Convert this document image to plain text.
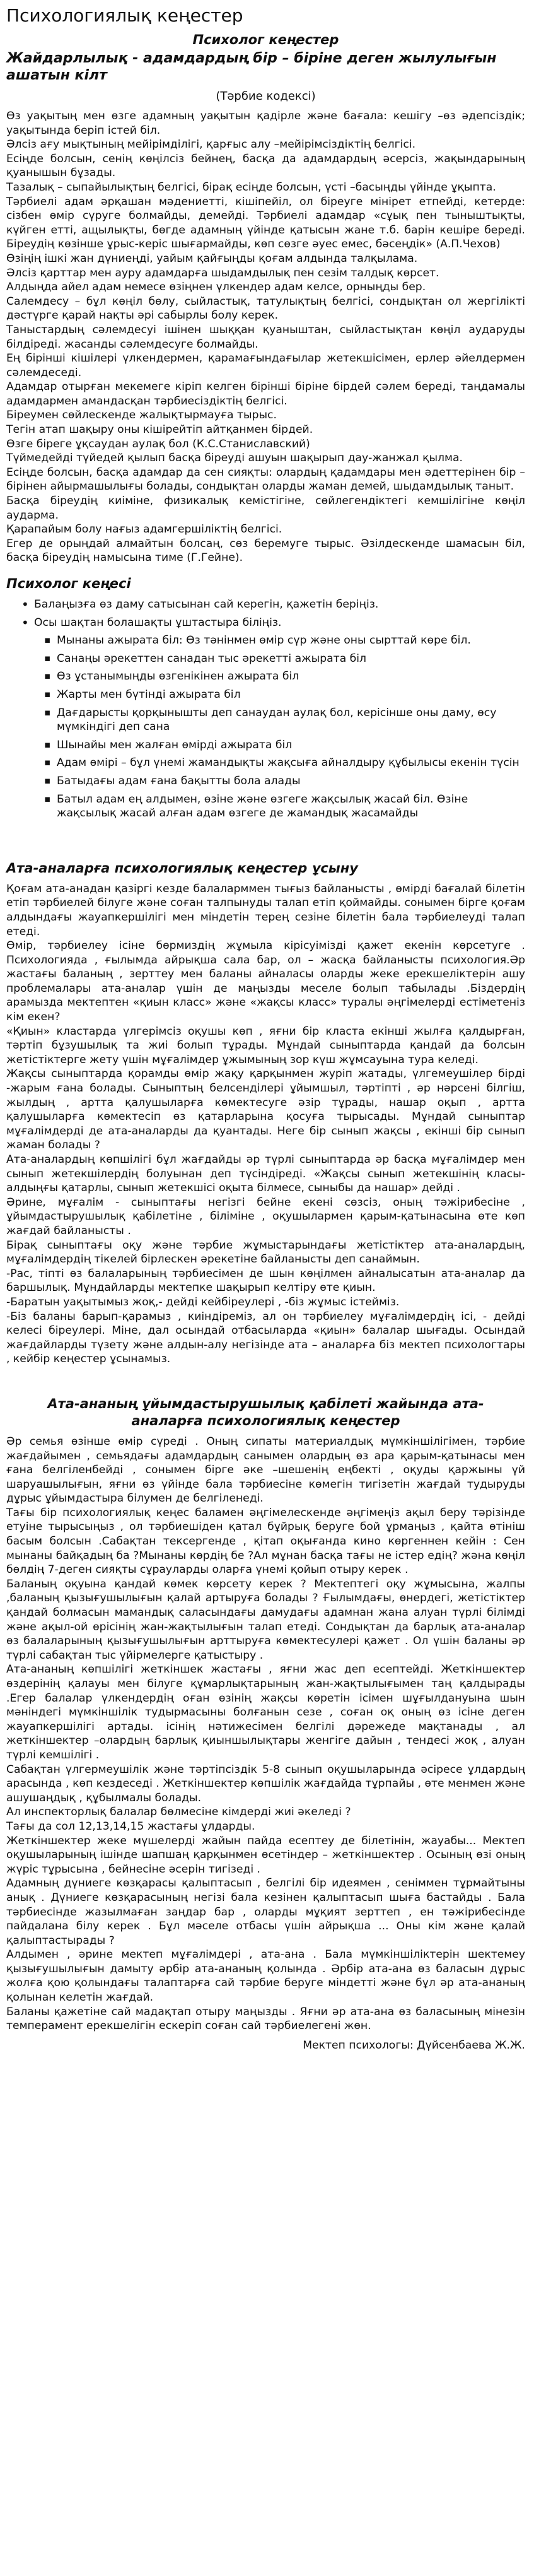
Психологиялық кеңестер
Психолог кеңестер
Жайдарлылық - адамдардың бір – біріне деген жылулығын ашатын кілт
(Тәрбие кодексі)

Өз уақытың мен өзге адамның уақытын қадірле және бағала: кешігу –өз әдепсіздік; уақытында беріп істей біл.

Әлсіз ағу мықтының мейірімділігі, қарғыс алу –мейірімсіздіктің белгісі.

Есіңде болсын, сенің көңілсіз бейнең, басқа да адамдардың әсерсіз, жақындарының қуанышын бұзады.

Тазалық – сыпайылықтың белгісі, бірақ есіңде болсын, үсті –басыңды үйінде ұқыпта.

Тәрбиелі адам әрқашан мәдениетті, кішіпейіл, ол біреуге мінірет етпейді, кетерде: сізбен өмір сүруге болмайды, демейді. Тәрбиелі адамдар «сұық пен тыныштықты, күйген етті, ащылықты, бөгде адамның үйінде қатысын жане т.б. барін кешіре береді. Біреудің көзінше ұрыс-керіс шығармайды, көп сөзге әуес емес, бәсеңдік» (А.П.Чехов)

Өзіңің ішкі жан дүниеңді, уайым қайғыңды қоғам алдында талқылама.

Әлсіз қарттар мен ауру адамдарға шыдамдылық пен сезім талдық көрсет.

Алдыңда айел адам немесе өзіңнен үлкендер адам келсе, орныңды бер.

Салемдесу – бұл көңіл бөлу, сыйластық, татулықтың белгісі, сондықтан ол жергілікті дәстүрге қарай нақты әрі сабырлы болу керек.

Таныстардың сәлемдесуі ішінен шыққан қуаныштан, сыйластықтан көңіл аударуды білдіреді. жасанды сәлемдесуге болмайды.

Ең бірінші кішілері үлкендермен, қарамағындағылар жетекшісімен, ерлер әйелдермен сәлемдеседі.

Адамдар отырған мекемеге кіріп келген бірінші біріне бірдей сәлем береді, таңдамалы адамдармен амандасқан тәрбиесіздіктің белгісі.

Біреумен сөйлескенде жалықтырмауға тырыс.

Тегін атап шақыру оны кішірейтіп айтқанмен бірдей.

Өзге біреге ұқсаудан аулақ бол (К.С.Станиславский)

Түймедейді түйедей қылып басқа біреуді ашуын шақырып дау-жанжал қылма.

Есіңде болсын, басқа адамдар да сен сияқты: олардың қадамдары мен әдеттерінен бір – бірінен айырмашылығы болады, сондықтан оларды жаман демей, шыдамдылық таныт.

Басқа біреудің киіміне, физикалық кемістігіне, сөйлегендіктегі кемшілігіне көңіл аударма.

Қарапайым болу нағыз адамгершіліктің белгісі.

Егер де орыңдай алмайтын болсаң, сөз беремуге тырыс. Әзілдескенде шамасын біл, басқа біреудің намысына тиме (Г.Гейне).

Психолог кеңесі
• Балаңызға өз даму сатысынан сай керегін, қажетін беріңіз.
• Осы шақтан болашақты ұштастыра біліңіз.
▪ Мынаны ажырата біл: Өз тәнінмен өмір сүр және оны сырттай көре біл.
▪ Санаңы әрекеттен санадан тыс әрекетті ажырата біл
▪ Өз ұстанымыңды өзгенікінен ажырата біл
▪ Жарты мен бүтінді ажырата біл
▪ Дағдарысты қорқынышты деп санаудан аулақ бол, керісінше оны даму, өсу мүмкіндігі деп сана
▪ Шынайы мен жалған өмірді ажырата біл
▪ Адам өмірі – бұл үнемі жамандықты жақсыға айналдыру құбылысы екенін түсін
▪ Батыдағы адам ғана бақытты бола алады
▪ Батыл адам ең алдымен, өзіне және өзгеге жақсылық жасай біл. Өзіне жақсылық жасай алған адам өзгеге де жамандық жасамайды
Ата-аналарға психологиялық кеңестер ұсыну

Қоғам ата-анадан қазіргі кезде балаларммен тығыз байланысты , өмірді бағалай білетін етіп тәрбиелей білуге және соған талпынуды талап етіп қоймайды. сонымен бірге қоғам алдындағы жауапкершілігі мен міндетін терең сезіне білетін бала тәрбиелеуді талап етеді.

Өмір, тәрбиелеу ісіне бөрмиздің жұмыла кірісуімізді қажет екенін көрсетуге . Психологияда , ғылымда айрықша сала бар, ол – жасқа байланысты психология.Әр жастағы баланың , зерттеу мен баланы айналасы оларды жеке ерекшеліктерін ашу проблемалары ата-аналар үшін де маңызды меселе болып табылады .Біздердің арамызда мектептен «қиын класс» және «жақсы класс» туралы әңгімелерді естіметеніз кім екен?

«Қиын» кластарда үлгерімсіз оқушы көп , яғни бір класта екінші жылға қалдырған, тәртіп бұзушылық та жиі болып тұрады. Мұндай сыныптарда қандай да болсын жетістіктерге жету үшін мұғалімдер ұжымының зор күш жұмсауына тура келеді.

Жақсы сыныптарда қорамды өмір жақу қарқынмен журіп жатады, үлгемеушілер бірді -жарым ғана болады. Сыныптың белсенділері ұйымшыл, тәртіпті , әр нәрсені білгіш, жылдың , артта қалушыларға көмектесуге әзір тұрады, нашар оқып , артта қалушыларға көмектесіп өз қатарларына қосуға тырысады. Мұндай сыныптар мұғалімдерді де ата-аналарды да қуантады. Неге бір сынып жақсы , екінші бір сынып жаман болады ?

Ата-аналардың көпшілігі бұл жағдайды әр түрлі сыныптарда әр басқа мұғалімдер мен сынып жетекшілердің болуынан деп түсіндіреді. «Жақсы сынып жетекшінің класы- алдыңғы қатарлы, сынып жетекшісі оқыта білмесе, сыныбы да нашар» дейді .

Әрине, мұғалім - сыныптағы негізгі бейне екені сөзсіз, оның тәжірибесіне , ұйымдастырушылық қабілетіне , біліміне , оқушылармен қарым-қатынасына өте көп жағдай байланысты .

Бірақ сыныптағы оқу және тәрбие жұмыстарындағы жетістіктер ата-аналардың, мұғалімдердің тікелей бірлескен әрекетіне байланысты деп санаймын.

-Рас, тіпті өз балаларының тәрбиесімен де шын көңілмен айналысатын ата-аналар да баршылық. Мұндайларды мектепке шақырып келтіру өте қиын.

-Баратын уақытымыз жоқ,- дейді кейбіреулері , -біз жұмыс істейміз.

-Біз баланы барып-қарамыз , киіндіреміз, ал он тәрбиелеу мұғалімдердің ісі, - дейді келесі біреулері. Міне, дал осындай отбасыларда «қиын» балалар шығады. Осындай жағдайларды түзету және алдын-алу негізінде ата – аналарға біз мектеп психологтары , кейбір кеңестер ұсынамыз.

Ата-ананың ұйымдастырушылық қабілеті жайында ата-
аналарға психологиялық кеңестер

Әр семья өзінше өмір сүреді . Оның сипаты материалдық мүмкіншілігімен, тәрбие жағдайымен , семьядағы адамдардың санымен олардың өз ара қарым-қатынасы мен ғана белгіленбейді , сонымен бірге әке –шешенің еңбекті , оқуды қаржыны үй шаруашылығын, яғни өз үйінде бала тәрбиесіне көмегін тигізетін жағдай тудыруды дұрыс ұйымдастыра білумен де белгіленеді.

Тағы бір психологиялық кеңес баламен әңгімелескенде әңгімеңіз ақыл беру тәрізінде етуіне тырысыңыз , ол тәрбиешіден қатал бұйрық беруге бой ұрмаңыз , қайта өтініш басым болсын .Сабақтан тексергенде , қітап оқығанда кино көргеннен кейін : Сен мынаны байқадың ба ?Мынаны көрдің бе ?Ал мұнан басқа тағы не істер едің? жәна көңіл бөлдің 7-деген сияқты сұрауларды оларға үнемі қойып отыру керек .

Баланың оқуына қандай көмек көрсету керек ? Мектептегі оқу жұмысына, жалпы ,баланың қызығушылығын қалай артыруға болады ? Ғылымдағы, өнердегі, жетістіктер қандай болмасын мамандық саласындағы дамудағы адамнан жана алуан түрлі білімді және ақыл-ой өрісінің жан-жақтылығын талап етеді. Сондықтан да барлық ата-аналар өз балаларының қызығушылығын арттыруға көмектесулері қажет . Ол үшін баланы әр түрлі сабақтан тыс үйірмелерге қатыстыру .

Ата-ананың көпшілігі жеткіншек жастағы , яғни жас деп есептейді. Жеткіншектер өздерінің қалауы мен білуге құмарлықтарының жан-жақтылығымен таң қалдырады .Егер балалар үлкендердің оған өзінің жақсы көретін ісімен шұғылдануына шын мәніндегі мүмкіншілік тудырмасыны болғанын сезе , соған оқ оның өз ісіне деген жауапкершілігі артады. ісінің нәтижесімен белгілі дәрежеде мақтанады , ал жеткіншектер –олардың барлық қиыншылықтары женгіге дайын , тендесі жоқ , алуан түрлі кемшілігі .

Сабақтан үлгермеушілік және тәртіпсіздік 5-8 сынып оқушыларында әсіресе ұлдардың арасында , көп кездеседі . Жеткіншектер көпшілік жағдайда тұрпайы , өте менмен және ашушаңдық , құбылмалы болады.

Ал инспекторлық балалар бөлмесіне кімдерді жиі әкеледі ?

Тағы да сол 12,13,14,15 жастағы ұлдарды.

Жеткіншектер жеке мүшелерді жайын пайда есептеу де білетінін, жауабы... Мектеп оқушыларының ішінде шапшаң қарқынмен өсетіндер – жеткіншектер . Осының өзі оның жүріс тұрысына , бейнесіне әсерін тигізеді .

Адамның дүниеге көзқарасы қалыптасып , белгілі бір идеямен , сеніммен тұрмайтыны анық . Дүниеге көзқарасының негізі бала кезінен қалыптасып шыға бастайды . Бала тәрбиесінде жазылмаған заңдар бар , оларды мұқият зерттеп , ен тәжірибесінде пайдалана білу керек . Бұл мәселе отбасы үшін айрықша ... Оны кім және қалай қалыптастырады ?

Алдымен , әрине мектеп мұғалімдері , ата-ана . Бала мүмкіншіліктерін шектемеу қызығушылығын дамыту әрбір ата-ананың қолында . Әрбір ата-ана өз баласын дұрыс жолға қою қолындағы талаптарға сай тәрбие беруге міндетті және бұл әр ата-ананың қолынан келетін жағдай.

Баланы қажетіне сай мадақтап отыру маңызды . Яғни әр ата-ана өз баласының мінезін темперамент ерекшелігін ескеріп соған сай тәрбиелегені жөн.

Мектеп психологы: Дүйсенбаева Ж.Ж.
